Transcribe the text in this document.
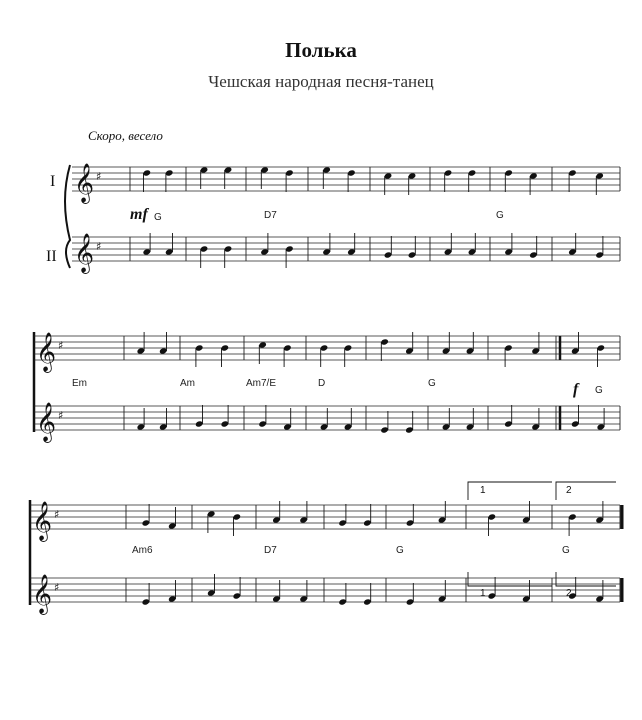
Полька
Чешская народная песня-танец
Скоро, весело
I
II
𝄞 ♯
𝄞 ♯
𝄞 ♯
𝄞 ♯
𝄞 ♯
𝄞 ♯
mf G	D7	G
Em	Am	Am7/E	D	G	f G
Am6	D7	G	G
1	2
1	2
